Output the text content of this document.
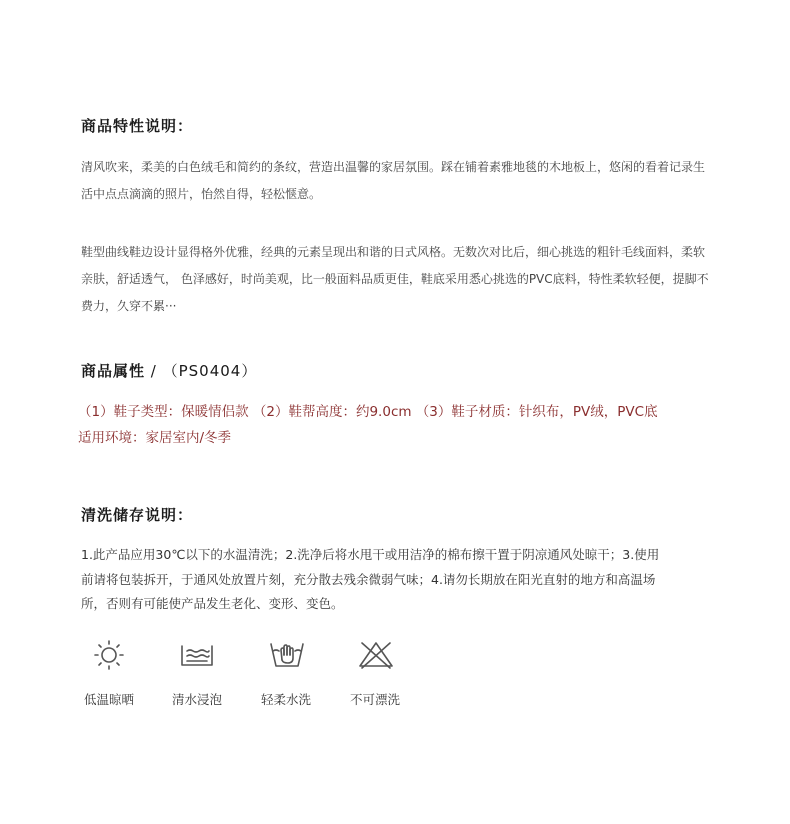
商品特性说明：
清风吹来，柔美的白色绒毛和简约的条纹，营造出温馨的家居氛围。踩在铺着素雅地毯的木地板上，悠闲的看着记录生
活中点点滴滴的照片，怡然自得，轻松惬意。
鞋型曲线鞋边设计显得格外优雅，经典的元素呈现出和谐的日式风格。无数次对比后，细心挑选的粗针毛线面料，柔软
亲肤，舒适透气， 色泽感好，时尚美观，比一般面料品质更佳，鞋底采用悉心挑选的PVC底料，特性柔软轻便，提脚不
费力，久穿不累···
商品属性 / （PS0404）
（1）鞋子类型：保暖情侣款 （2）鞋帮高度：约9.0cm （3）鞋子材质：针织布，PV绒，PVC底
适用环境：家居室内/冬季
清洗储存说明：
1.此产品应用30℃以下的水温清洗；2.洗净后将水甩干或用洁净的棉布擦干置于阴凉通风处晾干；3.使用
前请将包装拆开，于通风处放置片刻，充分散去残余微弱气味；4.请勿长期放在阳光直射的地方和高温场
所，否则有可能使产品发生老化、变形、变色。
低温晾晒	清水浸泡	轻柔水洗	不可漂洗
